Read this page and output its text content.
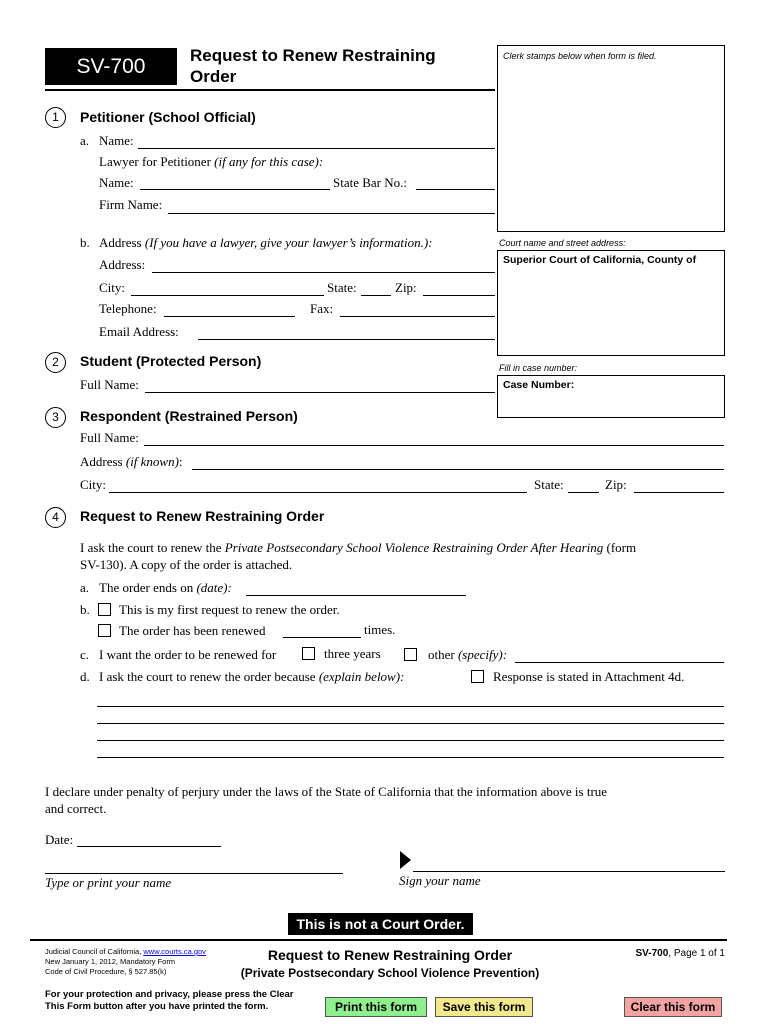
SV-700	Request to Renew Restraining Order
Clerk stamps below when form is filed.
Court name and street address:
Superior Court of California, County of
Fill in case number:
Case Number:
1	Petitioner (School Official)
a. Name:
Lawyer for Petitioner (if any for this case):
Name:	State Bar No.:
Firm Name:
b. Address (If you have a lawyer, give your lawyer’s information.):
Address:
City:	State:	Zip:
Telephone:	Fax:
Email Address:
2	Student (Protected Person)
Full Name:
3	Respondent (Restrained Person)
Full Name:
Address (if known):
City:	State:	Zip:
4	Request to Renew Restraining Order
I ask the court to renew the Private Postsecondary School Violence Restraining Order After Hearing (form
SV-130). A copy of the order is attached.
a. The order ends on (date):
b. This is my first request to renew the order.
The order has been renewed	times.
c. I want the order to be renewed for	three years	other (specify):
d. I ask the court to renew the order because (explain below):	Response is stated in Attachment 4d.
I declare under penalty of perjury under the laws of the State of California that the information above is true
and correct.
Date:
Type or print your name	Sign your name
This is not a Court Order.
Judicial Council of California, www.courts.ca.gov
New January 1, 2012, Mandatory Form
Code of Civil Procedure, § 527.85(k)
Request to Renew Restraining Order
(Private Postsecondary School Violence Prevention)
SV-700, Page 1 of 1
For your protection and privacy, please press the Clear
This Form button after you have printed the form.	Print this form	Save this form	Clear this form
